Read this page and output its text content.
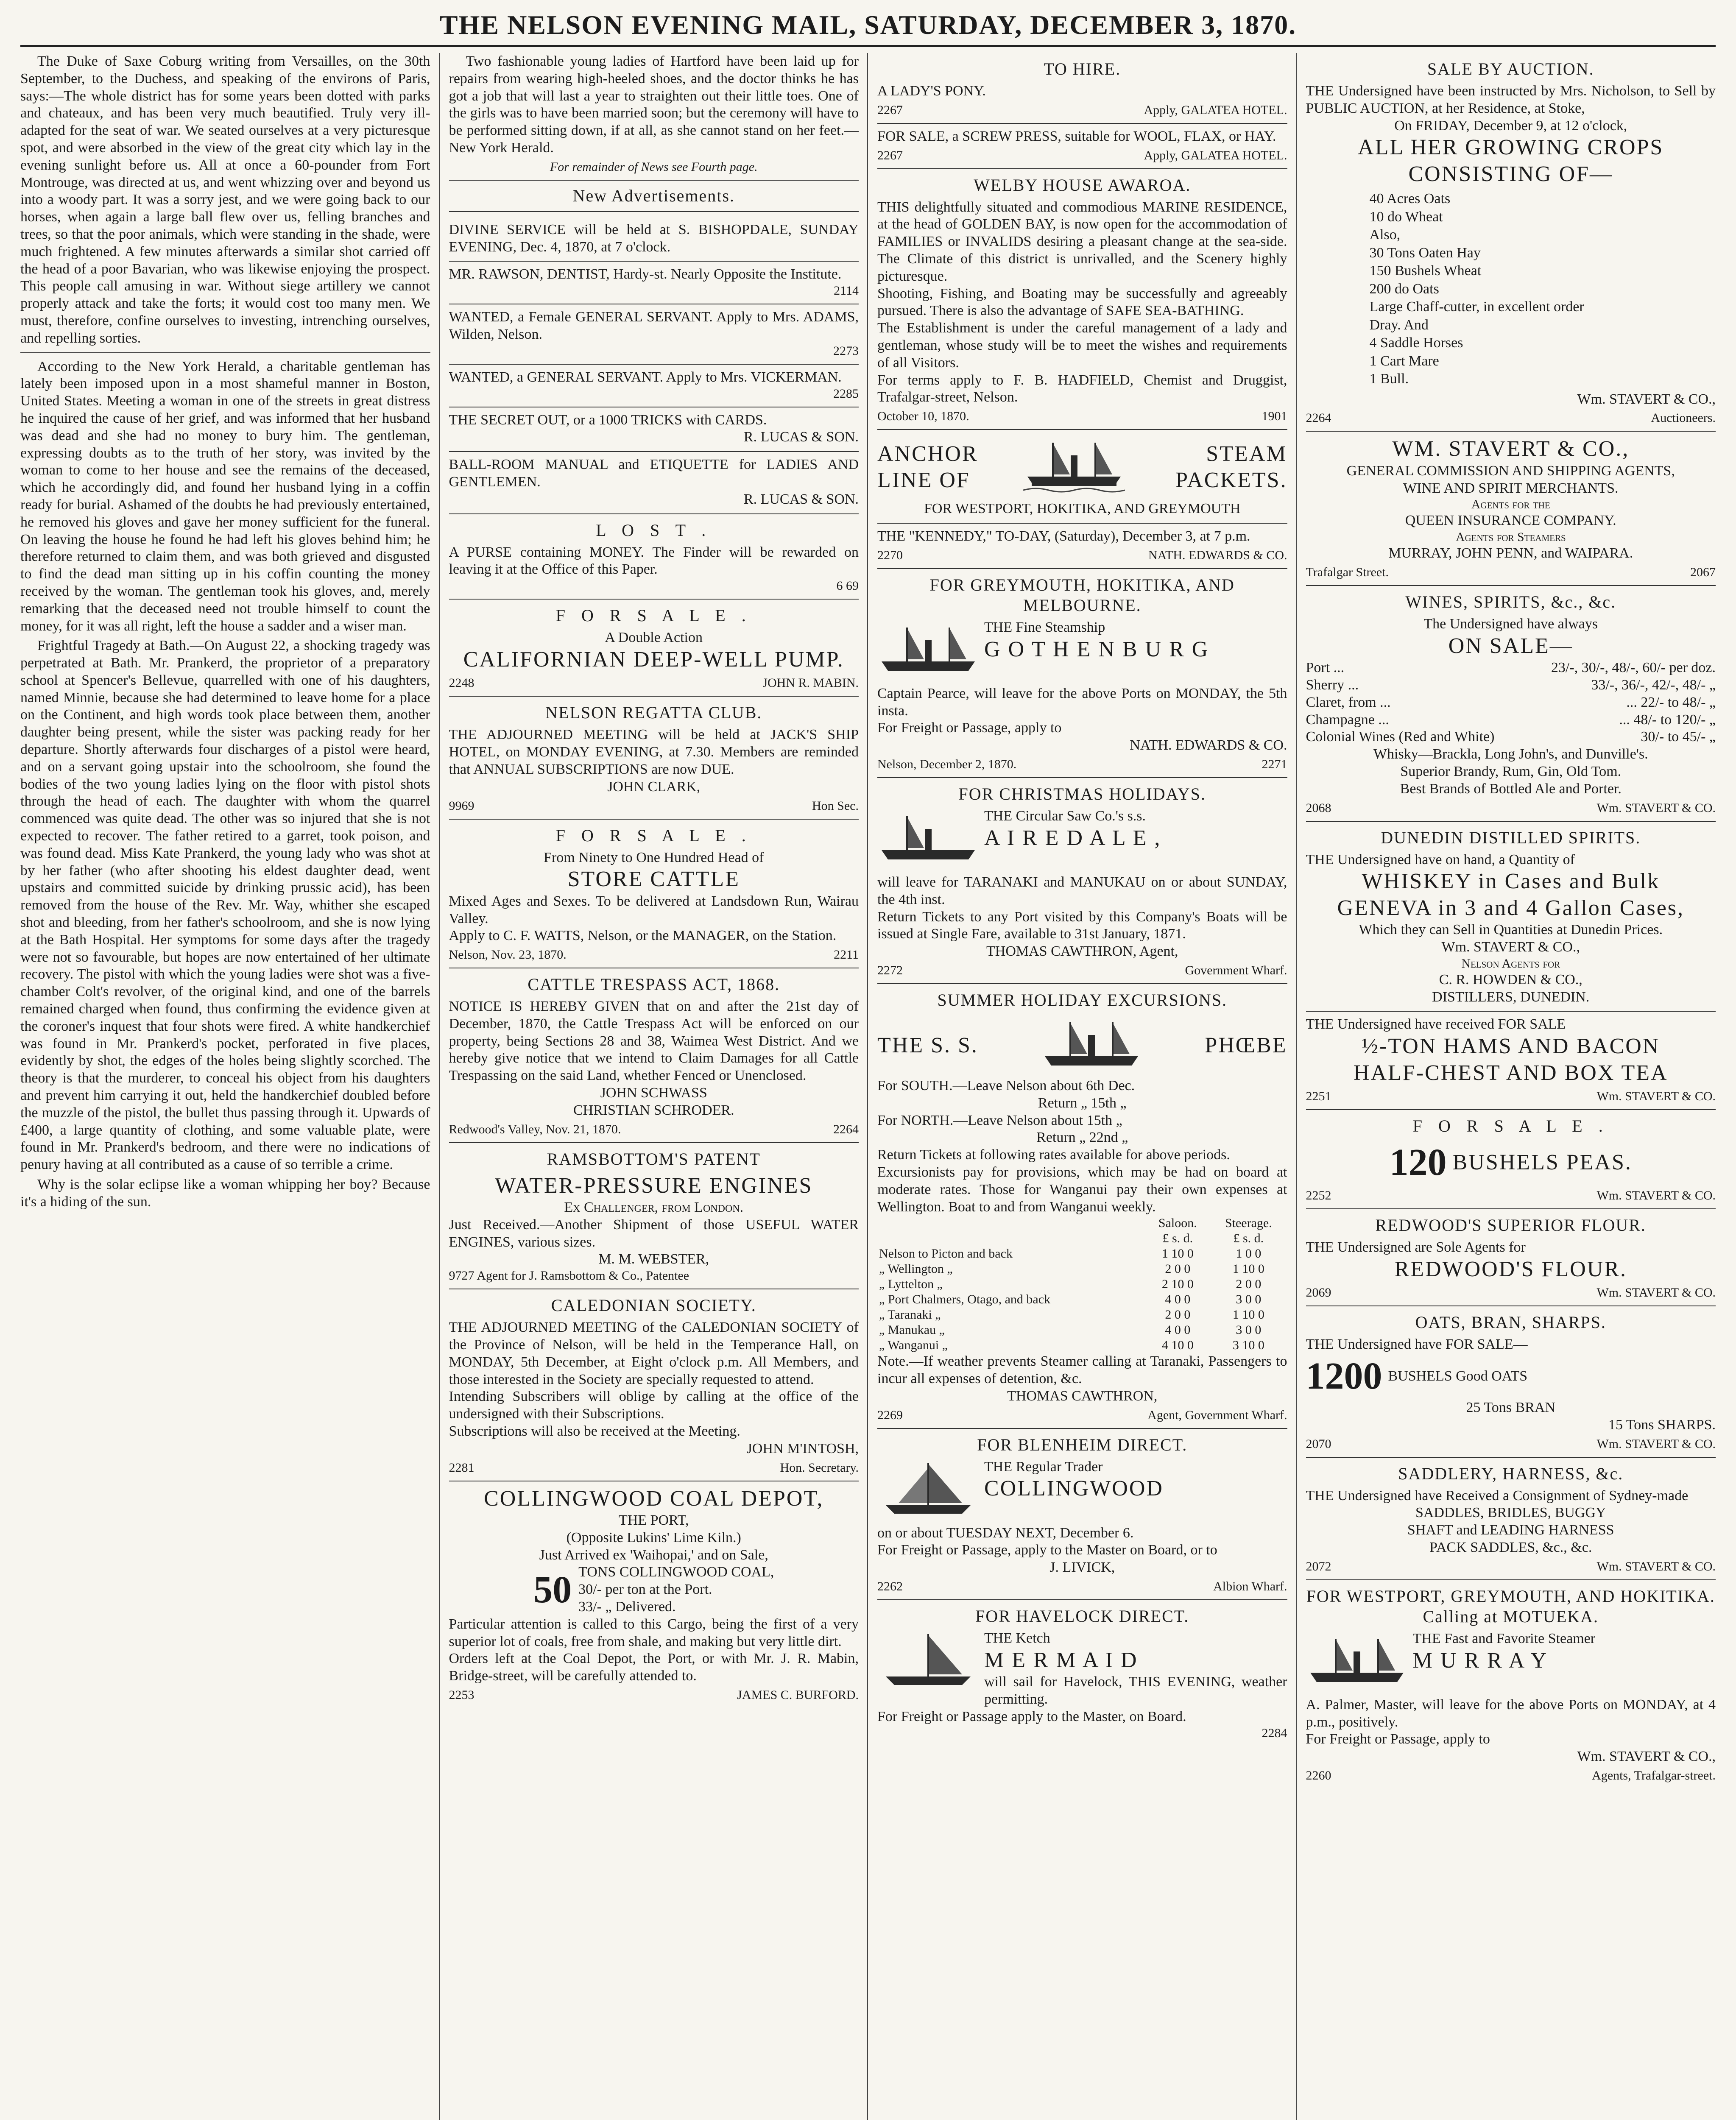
THE NELSON EVENING MAIL, SATURDAY, DECEMBER 3, 1870.

The Duke of Saxe Coburg writing from Versailles, on the 30th September, to the Duchess, and speaking of the environs of Paris, says:—The whole district has for some years been dotted with parks and chateaux, and has been very much beautified. Truly very ill-adapted for the seat of war. We seated ourselves at a very picturesque spot, and were absorbed in the view of the great city which lay in the evening sunlight before us. All at once a 60-pounder from Fort Montrouge, was directed at us, and went whizzing over and beyond us into a woody part. It was a sorry jest, and we were going back to our horses, when again a large ball flew over us, felling branches and trees, so that the poor animals, which were standing in the shade, were much frightened. A few minutes afterwards a similar shot carried off the head of a poor Bavarian, who was likewise enjoying the prospect. This people call amusing in war. Without siege artillery we cannot properly attack and take the forts; it would cost too many men. We must, therefore, confine ourselves to investing, intrenching ourselves, and repelling sorties.

According to the New York Herald, a charitable gentleman has lately been imposed upon in a most shameful manner in Boston, United States. Meeting a woman in one of the streets in great distress he inquired the cause of her grief, and was informed that her husband was dead and she had no money to bury him. The gentleman, expressing doubts as to the truth of her story, was invited by the woman to come to her house and see the remains of the deceased, which he accordingly did, and found her husband lying in a coffin ready for burial. Ashamed of the doubts he had previously entertained, he removed his gloves and gave her money sufficient for the funeral. On leaving the house he found he had left his gloves behind him; he therefore returned to claim them, and was both grieved and disgusted to find the dead man sitting up in his coffin counting the money received by the woman. The gentleman took his gloves, and, merely remarking that the deceased need not trouble himself to count the money, for it was all right, left the house a sadder and a wiser man.

Frightful Tragedy at Bath.—On August 22, a shocking tragedy was perpetrated at Bath. Mr. Prankerd, the proprietor of a preparatory school at Spencer's Bellevue, quarrelled with one of his daughters, named Minnie, because she had determined to leave home for a place on the Continent, and high words took place between them, another daughter being present, while the sister was packing ready for her departure. Shortly afterwards four discharges of a pistol were heard, and on a servant going upstair into the schoolroom, she found the bodies of the two young ladies lying on the floor with pistol shots through the head of each. The daughter with whom the quarrel commenced was quite dead. The other was so injured that she is not expected to recover. The father retired to a garret, took poison, and was found dead. Miss Kate Prankerd, the young lady who was shot at by her father (who after shooting his eldest daughter dead, went upstairs and committed suicide by drinking prussic acid), has been removed from the house of the Rev. Mr. Way, whither she escaped shot and bleeding, from her father's schoolroom, and she is now lying at the Bath Hospital. Her symptoms for some days after the tragedy were not so favourable, but hopes are now entertained of her ultimate recovery. The pistol with which the young ladies were shot was a five-chamber Colt's revolver, of the original kind, and one of the barrels remained charged when found, thus confirming the evidence given at the coroner's inquest that four shots were fired. A white handkerchief was found in Mr. Prankerd's pocket, perforated in five places, evidently by shot, the edges of the holes being slightly scorched. The theory is that the murderer, to conceal his object from his daughters and prevent him carrying it out, held the handkerchief doubled before the muzzle of the pistol, the bullet thus passing through it. Upwards of £400, a large quantity of clothing, and some valuable plate, were found in Mr. Prankerd's bedroom, and there were no indications of penury having at all contributed as a cause of so terrible a crime.

Why is the solar eclipse like a woman whipping her boy? Because it's a hiding of the sun.

Two fashionable young ladies of Hartford have been laid up for repairs from wearing high-heeled shoes, and the doctor thinks he has got a job that will last a year to straighten out their little toes. One of the girls was to have been married soon; but the ceremony will have to be performed sitting down, if at all, as she cannot stand on her feet.— New York Herald.

For remainder of News see Fourth page.
New Advertisements.
DIVINE SERVICE will be held at S. BISHOPDALE, SUNDAY EVENING, Dec. 4, 1870, at 7 o'clock.
MR. RAWSON, DENTIST, Hardy-st. Nearly Opposite the Institute.
2114
WANTED, a Female GENERAL SERVANT. Apply to Mrs. ADAMS, Wilden, Nelson.
2273
WANTED, a GENERAL SERVANT. Apply to Mrs. VICKERMAN.
2285
THE SECRET OUT, or a 1000 TRICKS with CARDS.
R. LUCAS & SON.
BALL-ROOM MANUAL and ETIQUETTE for LADIES AND GENTLEMEN.
R. LUCAS & SON.
L O S T .
A PURSE containing MONEY. The Finder will be rewarded on leaving it at the Office of this Paper.
6 69
F O R S A L E .
A Double Action
CALIFORNIAN DEEP-WELL PUMP.
2248	JOHN R. MABIN.
NELSON REGATTA CLUB.
THE ADJOURNED MEETING will be held at JACK'S SHIP HOTEL, on MONDAY EVENING, at 7.30. Members are reminded that ANNUAL SUBSCRIPTIONS are now DUE.
JOHN CLARK,
9969	Hon Sec.
F O R S A L E .
From Ninety to One Hundred Head of
STORE CATTLE
Mixed Ages and Sexes. To be delivered at Landsdown Run, Wairau Valley.
Apply to C. F. WATTS, Nelson, or the MANAGER, on the Station.
Nelson, Nov. 23, 1870.	2211
CATTLE TRESPASS ACT, 1868.
NOTICE IS HEREBY GIVEN that on and after the 21st day of December, 1870, the Cattle Trespass Act will be enforced on our property, being Sections 28 and 38, Waimea West District. And we hereby give notice that we intend to Claim Damages for all Cattle Trespassing on the said Land, whether Fenced or Unenclosed.
JOHN SCHWASS
CHRISTIAN SCHRODER.
Redwood's Valley, Nov. 21, 1870.	2264
RAMSBOTTOM'S PATENT
WATER-PRESSURE ENGINES
Ex Challenger, from London.
Just Received.—Another Shipment of those USEFUL WATER ENGINES, various sizes.
M. M. WEBSTER,
9727 Agent for J. Ramsbottom & Co., Patentee
CALEDONIAN SOCIETY.
THE ADJOURNED MEETING of the CALEDONIAN SOCIETY of the Province of Nelson, will be held in the Temperance Hall, on MONDAY, 5th December, at Eight o'clock p.m. All Members, and those interested in the Society are specially requested to attend.
Intending Subscribers will oblige by calling at the office of the undersigned with their Subscriptions.
Subscriptions will also be received at the Meeting.
JOHN M'INTOSH,
2281	Hon. Secretary.
COLLINGWOOD COAL DEPOT,
THE PORT,
(Opposite Lukins' Lime Kiln.)
Just Arrived ex 'Waihopai,' and on Sale,
50 TONS COLLINGWOOD COAL,
30/- per ton at the Port.
33/- „ Delivered.
Particular attention is called to this Cargo, being the first of a very superior lot of coals, free from shale, and making but very little dirt.
Orders left at the Coal Depot, the Port, or with Mr. J. R. Mabin, Bridge-street, will be carefully attended to.
2253	JAMES C. BURFORD.
TO HIRE.
A LADY'S PONY.
2267	Apply, GALATEA HOTEL.
FOR SALE, a SCREW PRESS, suitable for WOOL, FLAX, or HAY.
2267	Apply, GALATEA HOTEL.
WELBY HOUSE AWAROA.
THIS delightfully situated and commodious MARINE RESIDENCE, at the head of GOLDEN BAY, is now open for the accommodation of FAMILIES or INVALIDS desiring a pleasant change at the sea-side. The Climate of this district is unrivalled, and the Scenery highly picturesque.
Shooting, Fishing, and Boating may be successfully and agreeably pursued. There is also the advantage of SAFE SEA-BATHING.
The Establishment is under the careful management of a lady and gentleman, whose study will be to meet the wishes and requirements of all Visitors.
For terms apply to F. B. HADFIELD, Chemist and Druggist, Trafalgar-street, Nelson.
October 10, 1870.	1901
ANCHOR
LINE OF
STEAM
PACKETS.
FOR WESTPORT, HOKITIKA, AND GREYMOUTH
THE "KENNEDY," TO-DAY, (Saturday), December 3, at 7 p.m.
2270	NATH. EDWARDS & CO.
FOR GREYMOUTH, HOKITIKA, AND MELBOURNE.
THE Fine Steamship
G O T H E N B U R G
Captain Pearce, will leave for the above Ports on MONDAY, the 5th insta.
For Freight or Passage, apply to
NATH. EDWARDS & CO.
Nelson, December 2, 1870.	2271
FOR CHRISTMAS HOLIDAYS.
THE Circular Saw Co.'s s.s.
A I R E D A L E ,
will leave for TARANAKI and MANUKAU on or about SUNDAY, the 4th inst.
Return Tickets to any Port visited by this Company's Boats will be issued at Single Fare, available to 31st January, 1871.
THOMAS CAWTHRON, Agent,
2272	Government Wharf.
SUMMER HOLIDAY EXCURSIONS.
THE S. S.	PHŒBE
For SOUTH.—Leave Nelson about 6th Dec.
Return „ 15th „
For NORTH.—Leave Nelson about 15th „
Return „ 22nd „
Return Tickets at following rates available for above periods.
Excursionists pay for provisions, which may be had on board at moderate rates. Those for Wanganui pay their own expenses at Wellington. Boat to and from Wanganui weekly.
	Saloon.	Steerage.
	£ s. d.	£ s. d.
Nelson to Picton and back	1 10 0	1 0 0
„ Wellington „	2 0 0	1 10 0
„ Lyttelton „	2 10 0	2 0 0
„ Port Chalmers, Otago, and back	4 0 0	3 0 0
„ Taranaki „	2 0 0	1 10 0
„ Manukau „	4 0 0	3 0 0
„ Wanganui „	4 10 0	3 10 0
Note.—If weather prevents Steamer calling at Taranaki, Passengers to incur all expenses of detention, &c.
THOMAS CAWTHRON,
2269	Agent, Government Wharf.
FOR BLENHEIM DIRECT.
THE Regular Trader
COLLINGWOOD
on or about TUESDAY NEXT, December 6.
For Freight or Passage, apply to the Master on Board, or to
J. LIVICK,
2262	Albion Wharf.
FOR HAVELOCK DIRECT.
THE Ketch
M E R M A I D
will sail for Havelock, THIS EVENING, weather permitting.
For Freight or Passage apply to the Master, on Board.
2284
SALE BY AUCTION.
THE Undersigned have been instructed by Mrs. Nicholson, to Sell by PUBLIC AUCTION, at her Residence, at Stoke,
On FRIDAY, December 9, at 12 o'clock,
ALL HER GROWING CROPS CONSISTING OF—
40 Acres Oats
10 do Wheat
Also,
30 Tons Oaten Hay
150 Bushels Wheat
200 do Oats
Large Chaff-cutter, in excellent order
Dray. And
4 Saddle Horses
1 Cart Mare
1 Bull.
Wm. STAVERT & CO.,
2264	Auctioneers.
WM. STAVERT & CO.,
GENERAL COMMISSION AND SHIPPING AGENTS,
WINE AND SPIRIT MERCHANTS.
Agents for the
QUEEN INSURANCE COMPANY.
Agents for Steamers
MURRAY, JOHN PENN, and WAIPARA.
Trafalgar Street.	2067
WINES, SPIRITS, &c., &c.
The Undersigned have always
ON SALE—
Port ...	23/-, 30/-, 48/-, 60/- per doz.
Sherry ...	33/-, 36/-, 42/-, 48/- „
Claret, from ...	... 22/- to 48/- „
Champagne ...	... 48/- to 120/- „
Colonial Wines (Red and White)	30/- to 45/- „
Whisky—Brackla, Long John's, and Dunville's.
Superior Brandy, Rum, Gin, Old Tom.
Best Brands of Bottled Ale and Porter.
2068	Wm. STAVERT & CO.
DUNEDIN DISTILLED SPIRITS.
THE Undersigned have on hand, a Quantity of
WHISKEY in Cases and Bulk
GENEVA in 3 and 4 Gallon Cases,
Which they can Sell in Quantities at Dunedin Prices.
Wm. STAVERT & CO.,
Nelson Agents for
C. R. HOWDEN & CO.,
DISTILLERS, DUNEDIN.
THE Undersigned have received FOR SALE
½-TON HAMS AND BACON
HALF-CHEST AND BOX TEA
2251	Wm. STAVERT & CO.
F O R S A L E .
120 BUSHELS PEAS.
2252	Wm. STAVERT & CO.
REDWOOD'S SUPERIOR FLOUR.
THE Undersigned are Sole Agents for
REDWOOD'S FLOUR.
2069	Wm. STAVERT & CO.
OATS, BRAN, SHARPS.
THE Undersigned have FOR SALE—
1200 BUSHELS Good OATS
25 Tons BRAN
15 Tons SHARPS.
2070	Wm. STAVERT & CO.
SADDLERY, HARNESS, &c.
THE Undersigned have Received a Consignment of Sydney-made
SADDLES, BRIDLES, BUGGY
SHAFT and LEADING HARNESS
PACK SADDLES, &c., &c.
2072	Wm. STAVERT & CO.
FOR WESTPORT, GREYMOUTH, AND HOKITIKA. Calling at MOTUEKA.
THE Fast and Favorite Steamer
M U R R A Y
A. Palmer, Master, will leave for the above Ports on MONDAY, at 4 p.m., positively.
For Freight or Passage, apply to
Wm. STAVERT & CO.,
2260	Agents, Trafalgar-street.
